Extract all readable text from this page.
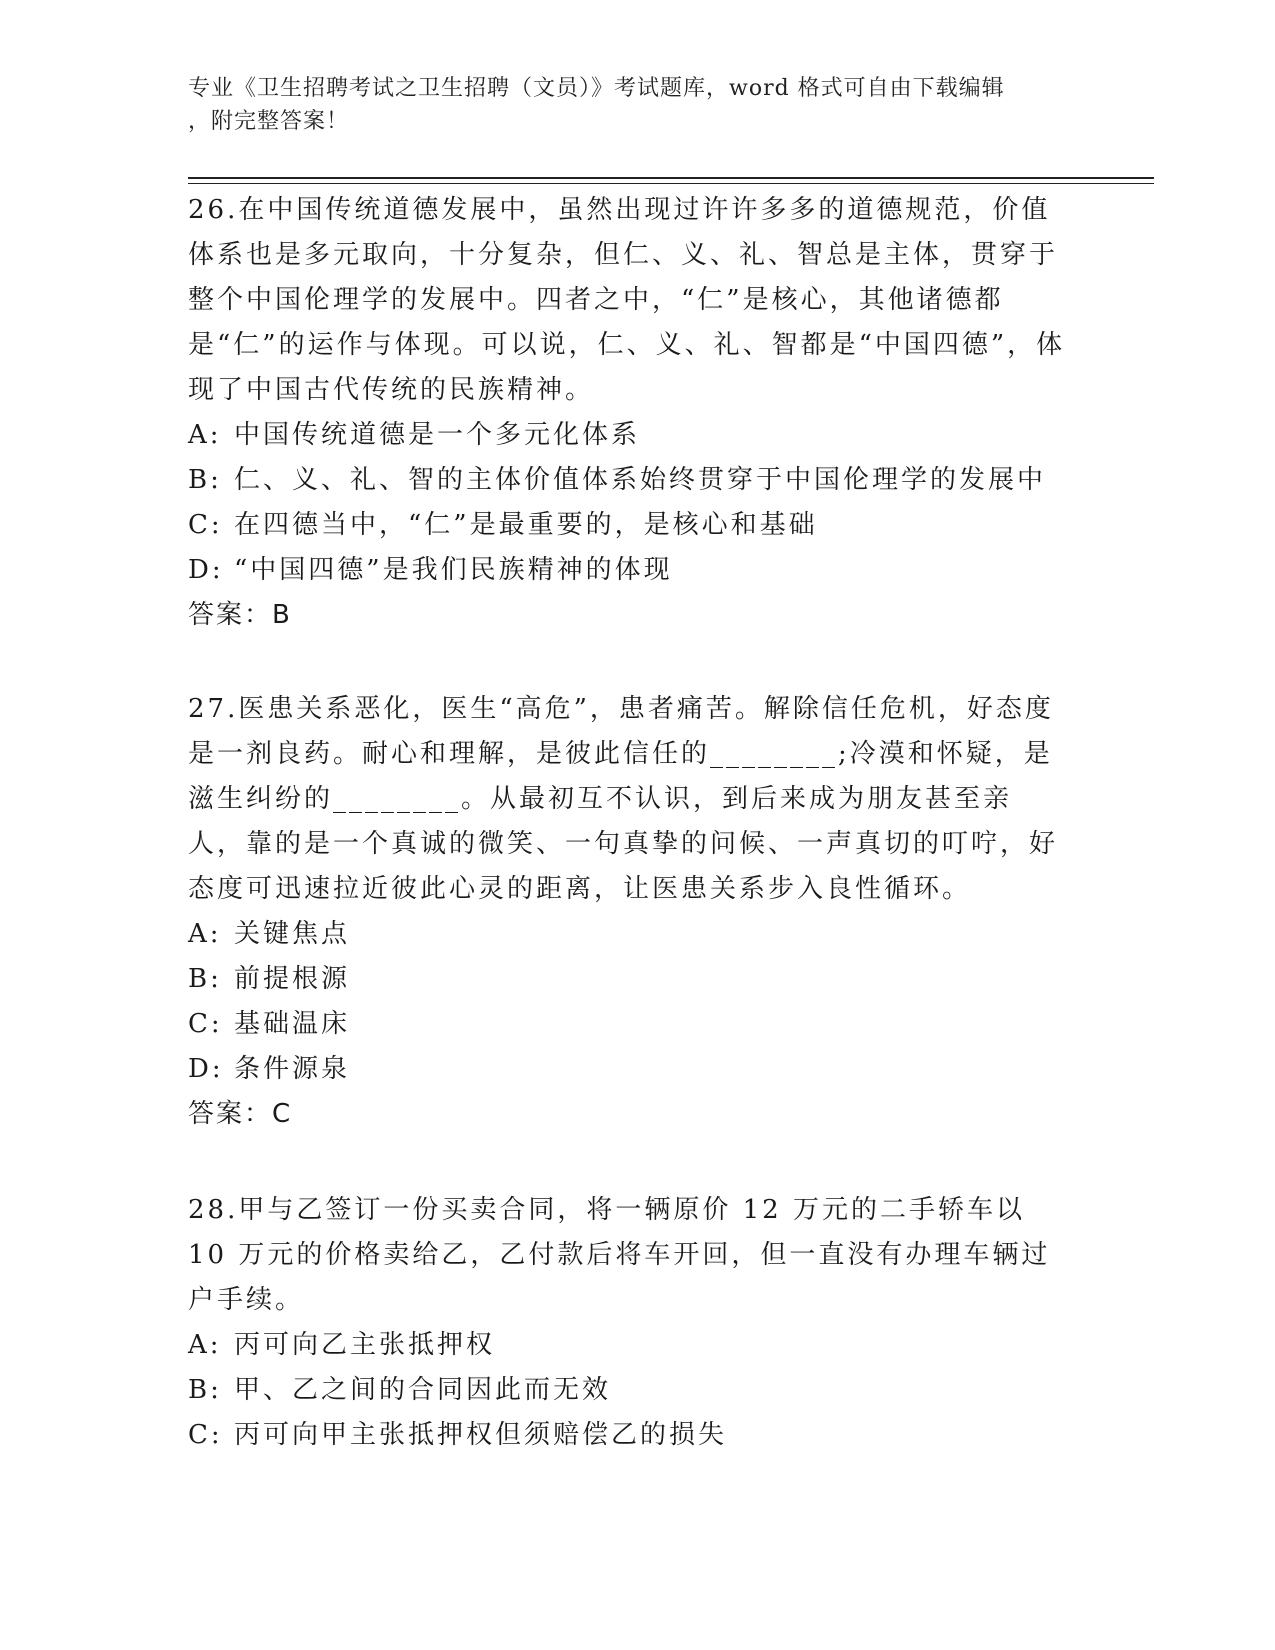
专业《卫生招聘考试之卫生招聘（文员）》考试题库，word 格式可自由下载编辑
，附完整答案！

26.在中国传统道德发展中，虽然出现过许许多多的道德规范，价值体系也是多元取向，十分复杂，但仁、义、礼、智总是主体，贯穿于整个中国伦理学的发展中。四者之中，“仁”是核心，其他诸德都是“仁”的运作与体现。可以说，仁、义、礼、智都是“中国四德”，体现了中国古代传统的民族精神。

A: 中国传统道德是一个多元化体系

B: 仁、义、礼、智的主体价值体系始终贯穿于中国伦理学的发展中

C: 在四德当中，“仁”是最重要的，是核心和基础

D: “中国四德”是我们民族精神的体现

答案：B

27.医患关系恶化，医生“高危”，患者痛苦。解除信任危机，好态度是一剂良药。耐心和理解，是彼此信任的________;冷漠和怀疑，是滋生纠纷的________。从最初互不认识，到后来成为朋友甚至亲人，靠的是一个真诚的微笑、一句真挚的问候、一声真切的叮咛，好态度可迅速拉近彼此心灵的距离，让医患关系步入良性循环。

A: 关键焦点

B: 前提根源

C: 基础温床

D: 条件源泉

答案：C

28.甲与乙签订一份买卖合同，将一辆原价 12 万元的二手轿车以 10 万元的价格卖给乙，乙付款后将车开回，但一直没有办理车辆过户手续。

A: 丙可向乙主张抵押权

B: 甲、乙之间的合同因此而无效

C: 丙可向甲主张抵押权但须赔偿乙的损失
